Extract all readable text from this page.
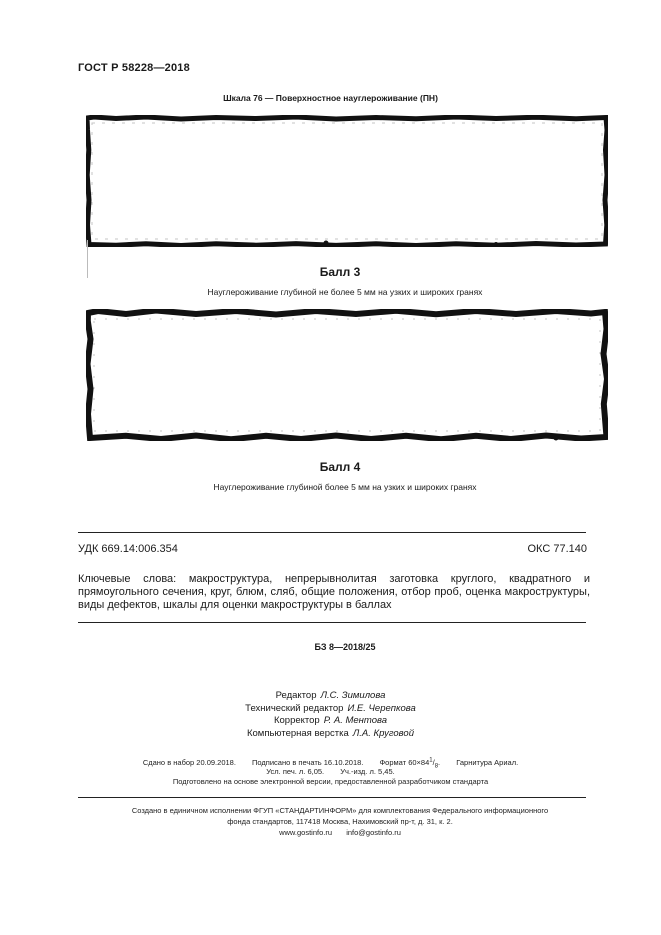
ГОСТ Р 58228—2018
Шкала 76 — Поверхностное науглероживание (ПН)
Балл 3
Науглероживание глубиной не более 5 мм на узких и широких гранях
Балл 4
Науглероживание глубиной более 5 мм на узких и широких гранях
УДК 669.14:006.354	ОКС 77.140
Ключевые слова: макроструктура, непрерывнолитая заготовка круглого, квадратного и прямоугольного сечения, круг, блюм, сляб, общие положения, отбор проб, оценка макроструктуры, виды дефектов, шкалы для оценки макроструктуры в баллах
БЗ 8—2018/25
Редактор Л.С. Зимилова
Технический редактор И.Е. Черепкова
Корректор Р. А. Ментова
Компьютерная верстка Л.А. Круговой
Сдано в набор 20.09.2018. Подписано в печать 16.10.2018. Формат $60\times 84^1/_8$. Гарнитура Ариал.
Усл. печ. л. 6,05. Уч.-изд. л. 5,45.
Подготовлено на основе электронной версии, предоставленной разработчиком стандарта
Создано в единичном исполнении ФГУП «СТАНДАРТИНФОРМ» для комплектования Федерального информационного
фонда стандартов, 117418 Москва, Нахимовский пр-т, д. 31, к. 2.
www.gostinfo.ru info@gostinfo.ru
